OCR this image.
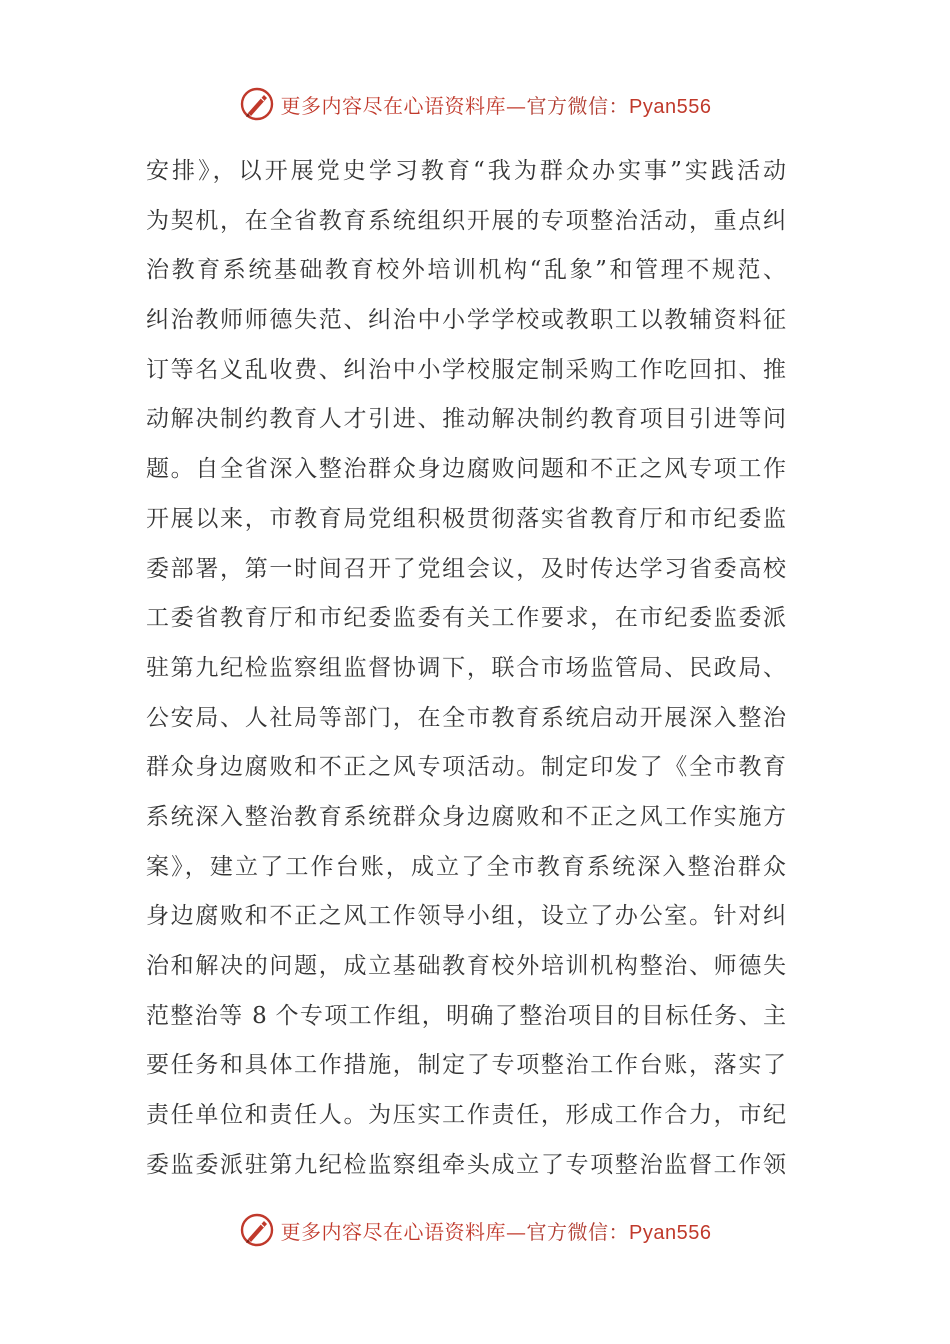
更多内容尽在心语资料库—官方微信：Pyan556
安排》，以开展党史学习教育“我为群众办实事”实践活动
为契机，在全省教育系统组织开展的专项整治活动，重点纠
治教育系统基础教育校外培训机构“乱象”和管理不规范、
纠治教师师德失范、纠治中小学学校或教职工以教辅资料征
订等名义乱收费、纠治中小学校服定制采购工作吃回扣、推
动解决制约教育人才引进、推动解决制约教育项目引进等问
题。自全省深入整治群众身边腐败问题和不正之风专项工作
开展以来，市教育局党组积极贯彻落实省教育厅和市纪委监
委部署，第一时间召开了党组会议，及时传达学习省委高校
工委省教育厅和市纪委监委有关工作要求，在市纪委监委派
驻第九纪检监察组监督协调下，联合市场监管局、民政局、
公安局、人社局等部门，在全市教育系统启动开展深入整治
群众身边腐败和不正之风专项活动。制定印发了《全市教育
系统深入整治教育系统群众身边腐败和不正之风工作实施方
案》，建立了工作台账，成立了全市教育系统深入整治群众
身边腐败和不正之风工作领导小组，设立了办公室。针对纠
治和解决的问题，成立基础教育校外培训机构整治、师德失
范整治等 8 个专项工作组，明确了整治项目的目标任务、主
要任务和具体工作措施，制定了专项整治工作台账，落实了
责任单位和责任人。为压实工作责任，形成工作合力，市纪
委监委派驻第九纪检监察组牵头成立了专项整治监督工作领
更多内容尽在心语资料库—官方微信：Pyan556
